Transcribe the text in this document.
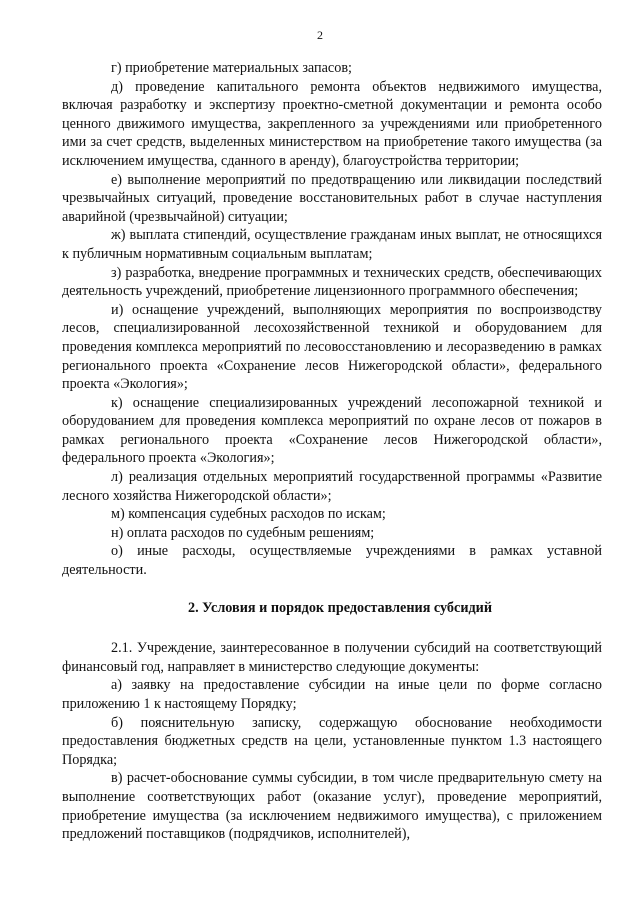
2

г) приобретение материальных запасов;

д) проведение капитального ремонта объектов недвижимого имущества, включая разработку и экспертизу проектно-сметной документации и ремонта особо ценного движимого имущества, закрепленного за учреждениями или приобретенного ими за счет средств, выделенных министерством на приобретение такого имущества (за исключением имущества, сданного в аренду), благоустройства территории;

е) выполнение мероприятий по предотвращению или ликвидации последствий чрезвычайных ситуаций, проведение восстановительных работ в случае наступления аварийной (чрезвычайной) ситуации;

ж) выплата стипендий, осуществление гражданам иных выплат, не относящихся к публичным нормативным социальным выплатам;

з) разработка, внедрение программных и технических средств, обеспечивающих деятельность учреждений, приобретение лицензионного программного обеспечения;

и) оснащение учреждений, выполняющих мероприятия по воспроизводству лесов, специализированной лесохозяйственной техникой и оборудованием для проведения комплекса мероприятий по лесовосстановлению и лесоразведению в рамках регионального проекта «Сохранение лесов Нижегородской области», федерального проекта «Экология»;

к) оснащение специализированных учреждений лесопожарной техникой и оборудованием для проведения комплекса мероприятий по охране лесов от пожаров в рамках регионального проекта «Сохранение лесов Нижегородской области», федерального проекта «Экология»;

л) реализация отдельных мероприятий государственной программы «Развитие лесного хозяйства Нижегородской области»;

м) компенсация судебных расходов по искам;

н) оплата расходов по судебным решениям;

о) иные расходы, осуществляемые учреждениями в рамках уставной деятельности.

2. Условия и порядок предоставления субсидий

2.1. Учреждение, заинтересованное в получении субсидий на соответствующий финансовый год, направляет в министерство следующие документы:

а) заявку на предоставление субсидии на иные цели по форме согласно приложению 1 к настоящему Порядку;

б) пояснительную записку, содержащую обоснование необходимости предоставления бюджетных средств на цели, установленные пунктом 1.3 настоящего Порядка;

в) расчет-обоснование суммы субсидии, в том числе предварительную смету на выполнение соответствующих работ (оказание услуг), проведение мероприятий, приобретение имущества (за исключением недвижимого имущества), с приложением предложений поставщиков (подрядчиков, исполнителей),
